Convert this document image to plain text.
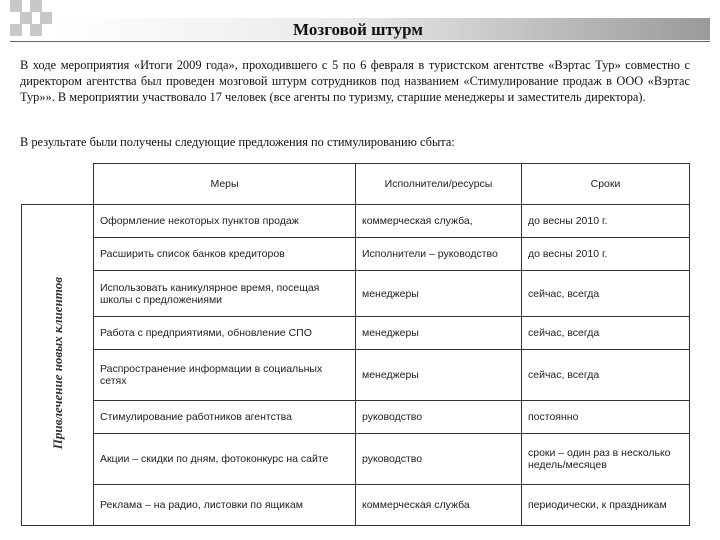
Мозговой штурм

В ходе мероприятия «Итоги 2009 года», проходившего с 5 по 6 февраля в туристском агентстве «Вэртас Тур» совместно с директором агентства был проведен мозговой штурм сотрудников под названием «Стимулирование продаж в ООО «Вэртас Тур»». В мероприятии участвовало 17 человек (все агенты по туризму, старшие менеджеры и заместитель директора).

В результате были получены следующие предложения по стимулированию сбыта:

	Меры	Исполнители/ресурсы	Сроки
Привлечение новых клиентов	Оформление некоторых пунктов продаж	коммерческая служба,	до весны 2010 г.
	Расширить список банков кредиторов	Исполнители – руководство	до весны 2010 г.
	Использовать каникулярное время, посещая школы с предложениями	менеджеры	сейчас, всегда
	Работа с предприятиями, обновление СПО	менеджеры	сейчас, всегда
	Распространение информации в социальных сетях	менеджеры	сейчас, всегда
	Стимулирование работников агентства	руководство	постоянно
	Акции – скидки по дням, фотоконкурс на сайте	руководство	сроки – один раз в несколько недель/месяцев
	Реклама – на радио, листовки по ящикам	коммерческая служба	периодически, к праздникам
